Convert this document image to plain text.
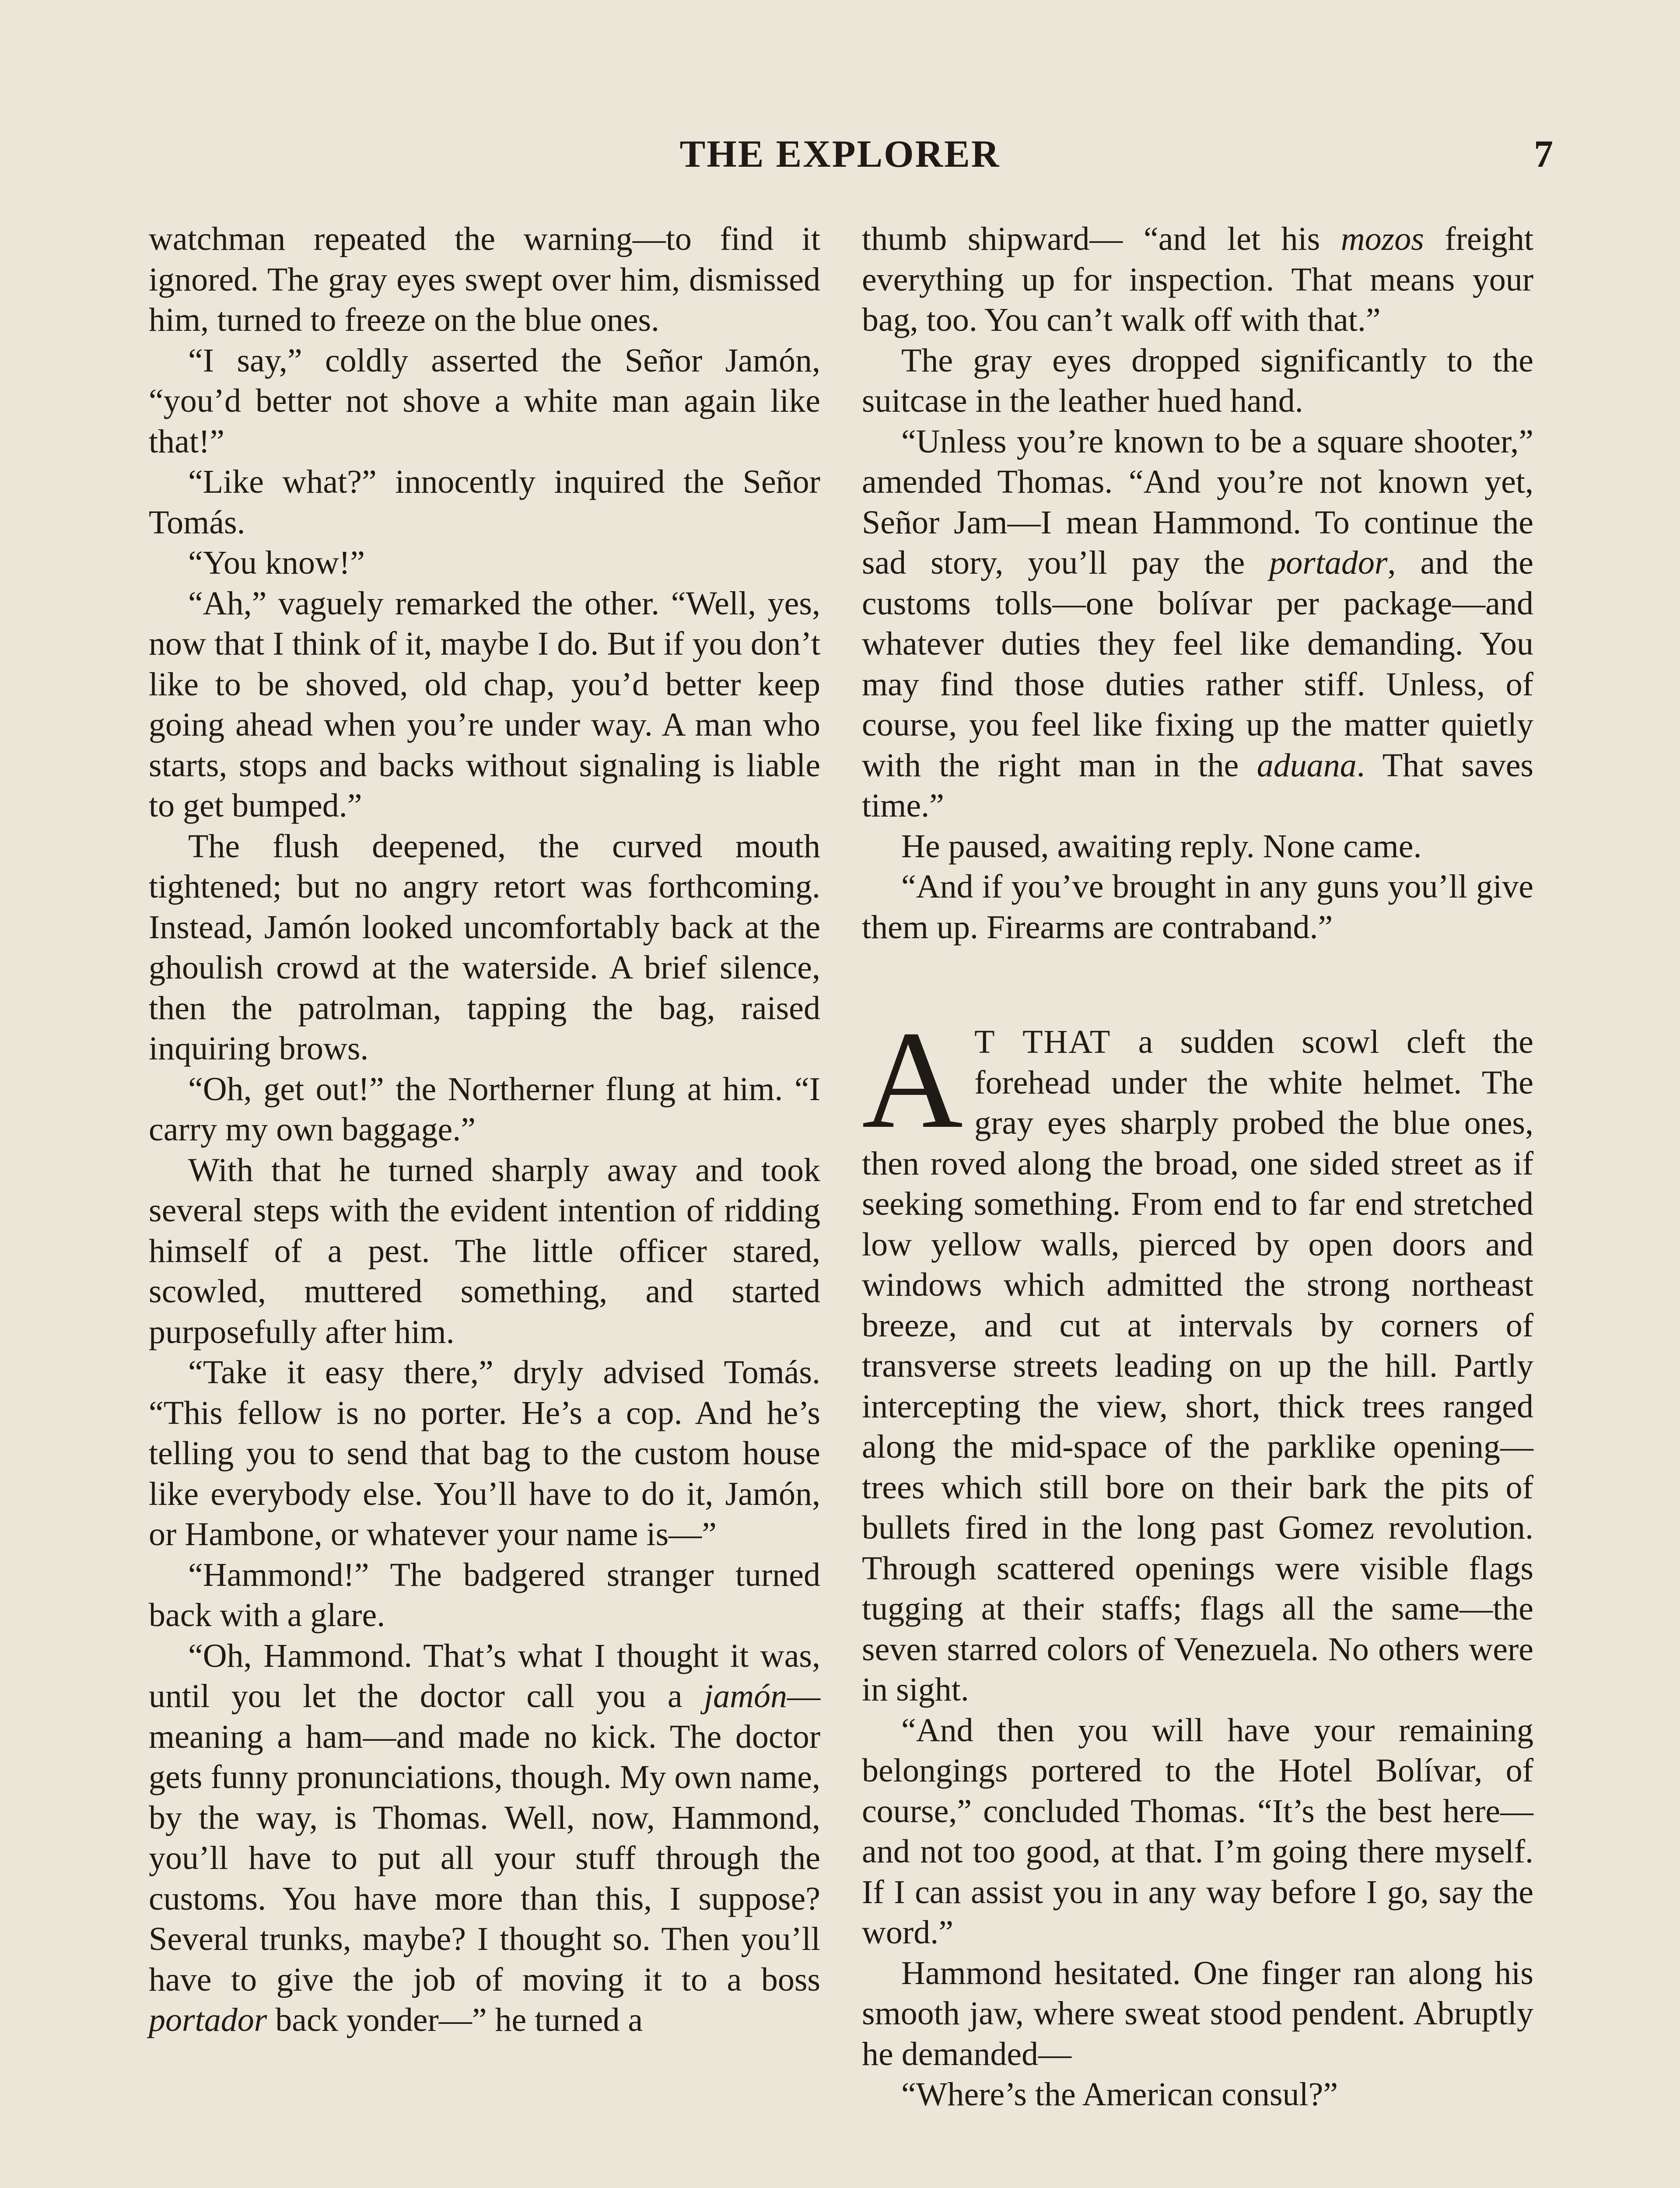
THE EXPLORER	7

watchman repeated the warning—to find it ignored. The gray eyes swept over him, dismissed him, turned to freeze on the blue ones.

“I say,” coldly asserted the Señor Jamón, “you’d better not shove a white man again like that!”

“Like what?” innocently inquired the Señor Tomás.

“You know!”

“Ah,” vaguely remarked the other. “Well, yes, now that I think of it, maybe I do. But if you don’t like to be shoved, old chap, you’d better keep going ahead when you’re under way. A man who starts, stops and backs without signaling is liable to get bumped.”

The flush deepened, the curved mouth tightened; but no angry retort was forthcoming. Instead, Jamón looked uncomfortably back at the ghoulish crowd at the waterside. A brief silence, then the patrolman, tapping the bag, raised inquiring brows.

“Oh, get out!” the Northerner flung at him. “I carry my own baggage.”

With that he turned sharply away and took several steps with the evident intention of ridding himself of a pest. The little officer stared, scowled, muttered something, and started purposefully after him.

“Take it easy there,” dryly advised Tomás. “This fellow is no porter. He’s a cop. And he’s telling you to send that bag to the custom house like everybody else. You’ll have to do it, Jamón, or Hambone, or whatever your name is—”

“Hammond!” The badgered stranger turned back with a glare.

“Oh, Hammond. That’s what I thought it was, until you let the doctor call you a jamón—meaning a ham—and made no kick. The doctor gets funny pronunciations, though. My own name, by the way, is Thomas. Well, now, Hammond, you’ll have to put all your stuff through the customs. You have more than this, I suppose? Several trunks, maybe? I thought so. Then you’ll have to give the job of moving it to a boss portador back yonder—” he turned a

thumb shipward— “and let his mozos freight everything up for inspection. That means your bag, too. You can’t walk off with that.”

The gray eyes dropped significantly to the suitcase in the leather hued hand.

“Unless you’re known to be a square shooter,” amended Thomas. “And you’re not known yet, Señor Jam—I mean Hammond. To continue the sad story, you’ll pay the portador, and the customs tolls—one bolívar per package—and whatever duties they feel like demanding. You may find those duties rather stiff. Unless, of course, you feel like fixing up the matter quietly with the right man in the aduana. That saves time.”

He paused, awaiting reply. None came.

“And if you’ve brought in any guns you’ll give them up. Firearms are contraband.”

A T THAT a sudden scowl cleft the forehead under the white helmet. The gray eyes sharply probed the blue ones, then roved along the broad, one sided street as if seeking something. From end to far end stretched low yellow walls, pierced by open doors and windows which admitted the strong northeast breeze, and cut at intervals by corners of transverse streets leading on up the hill. Partly intercepting the view, short, thick trees ranged along the mid-space of the parklike opening—trees which still bore on their bark the pits of bullets fired in the long past Gomez revolution. Through scattered openings were visible flags tugging at their staffs; flags all the same—the seven starred colors of Venezuela. No others were in sight.

“And then you will have your remaining belongings portered to the Hotel Bolívar, of course,” concluded Thomas. “It’s the best here—and not too good, at that. I’m going there myself. If I can assist you in any way before I go, say the word.”

Hammond hesitated. One finger ran along his smooth jaw, where sweat stood pendent. Abruptly he demanded—

“Where’s the American consul?”
